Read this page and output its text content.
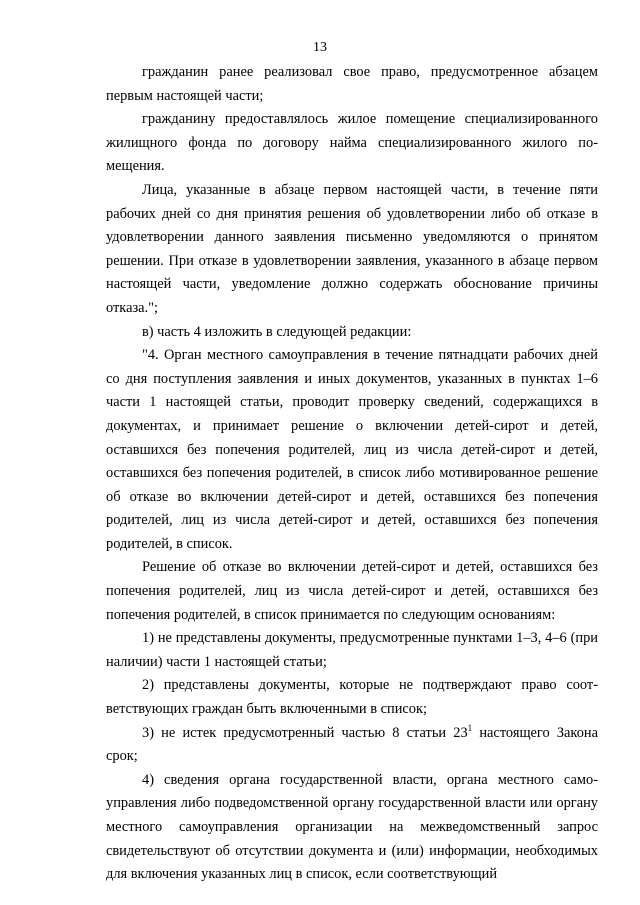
13

гражданин ранее реализовал свое право, предусмотренное абзацем первым настоящей части;

гражданину предоставлялось жилое помещение специализированного жилищного фонда по договору найма специализированного жилого помещения.

Лица, указанные в абзаце первом настоящей части, в течение пяти рабочих дней со дня принятия решения об удовлетворении либо об отказе в удовлетворении данного заявления письменно уведомляются о принятом решении. При отказе в удовлетворении заявления, указанного в абзаце первом настоящей части, уведомление должно содержать обоснование причины отказа.";

в) часть 4 изложить в следующей редакции:

"4. Орган местного самоуправления в течение пятнадцати рабочих дней со дня поступления заявления и иных документов, указанных в пунктах 1–6 части 1 настоящей статьи, проводит проверку сведений, содержащихся в документах, и принимает решение о включении детей-сирот и детей, оставшихся без попечения родителей, лиц из числа детей-сирот и детей, оставшихся без попечения родителей, в список либо мотивированное решение об отказе во включении детей-сирот и детей, оставшихся без попечения родителей, лиц из числа детей-сирот и детей, оставшихся без попечения родителей, в список.

Решение об отказе во включении детей-сирот и детей, оставшихся без попечения родителей, лиц из числа детей-сирот и детей, оставшихся без попечения родителей, в список принимается по следующим основаниям:

1) не представлены документы, предусмотренные пунктами 1–3, 4–6 (при наличии) части 1 настоящей статьи;

2) представлены документы, которые не подтверждают право соответствующих граждан быть включенными в список;

3) не истек предусмотренный частью 8 статьи $23^1$ настоящего Закона срок;

4) сведения органа государственной власти, органа местного самоуправления либо подведомственной органу государственной власти или органу местного самоуправления организации на межведомственный запрос свидетельствуют об отсутствии документа и (или) информации, необходимых для включения указанных лиц в список, если соответствующий
